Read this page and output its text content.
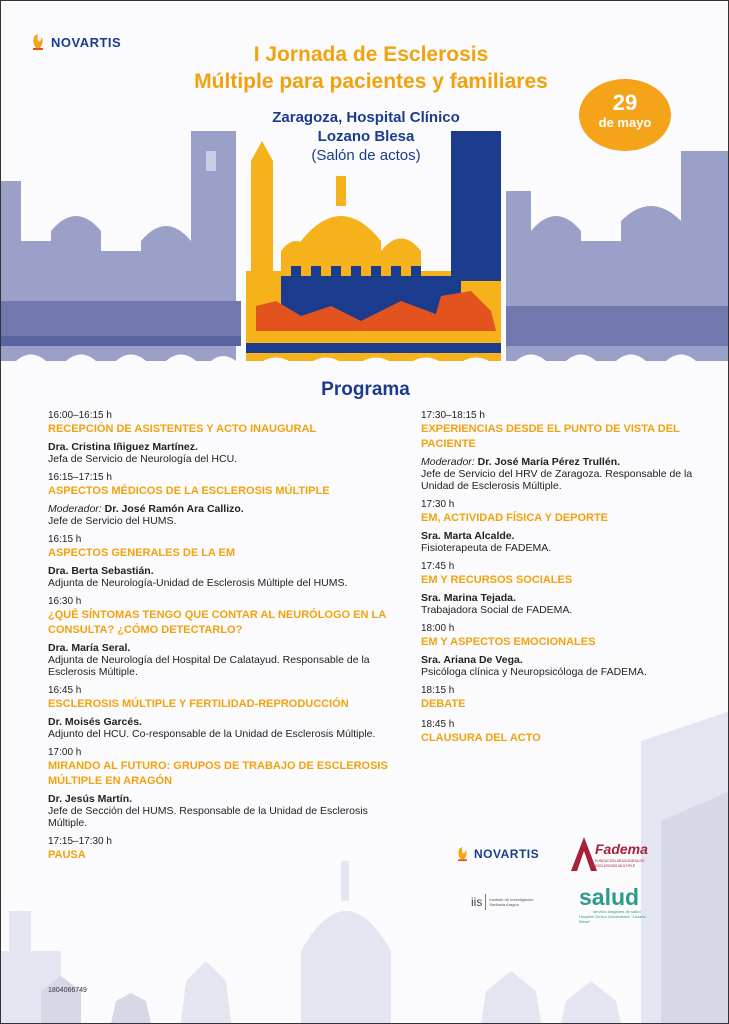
NOVARTIS
I Jornada de Esclerosis
Múltiple para pacientes y familiares
Zaragoza, Hospital Clínico
Lozano Blesa
(Salón de actos)
29
de mayo
Programa
16:00–16:15 h
RECEPCIÓN DE ASISTENTES Y ACTO INAUGURAL
Dra. Cristina Iñiguez Martínez.
Jefa de Servicio de Neurología del HCU.
16:15–17:15 h
ASPECTOS MÉDICOS DE LA ESCLEROSIS MÚLTIPLE
Moderador: Dr. José Ramón Ara Callizo.
Jefe de Servicio del HUMS.
16:15 h
ASPECTOS GENERALES DE LA EM
Dra. Berta Sebastián.
Adjunta de Neurología-Unidad de Esclerosis Múltiple del HUMS.
16:30 h
¿QUÉ SÍNTOMAS TENGO QUE CONTAR AL NEURÓLOGO EN LA CONSULTA? ¿CÓMO DETECTARLO?
Dra. María Seral.
Adjunta de Neurología del Hospital De Calatayud. Responsable de la Esclerosis Múltiple.
16:45 h
ESCLEROSIS MÚLTIPLE Y FERTILIDAD-REPRODUCCIÓN
Dr. Moisés Garcés.
Adjunto del HCU. Co-responsable de la Unidad de Esclerosis Múltiple.
17:00 h
MIRANDO AL FUTURO: GRUPOS DE TRABAJO DE ESCLEROSIS MÚLTIPLE EN ARAGÓN
Dr. Jesús Martín.
Jefe de Sección del HUMS. Responsable de la Unidad de Esclerosis Múltiple.
17:15–17:30 h
PAUSA
17:30–18:15 h
EXPERIENCIAS DESDE EL PUNTO DE VISTA DEL PACIENTE
Moderador: Dr. José María Pérez Trullén.
Jefe de Servicio del HRV de Zaragoza. Responsable de la Unidad de Esclerosis Múltiple.
17:30 h
EM, ACTIVIDAD FÍSICA Y DEPORTE
Sra. Marta Alcalde.
Fisioterapeuta de FADEMA.
17:45 h
EM Y RECURSOS SOCIALES
Sra. Marina Tejada.
Trabajadora Social de FADEMA.
18:00 h
EM Y ASPECTOS EMOCIONALES
Sra. Ariana De Vega.
Psicóloga clínica y Neuropsicóloga de FADEMA.
18:15 h
DEBATE
18:45 h
CLAUSURA DEL ACTO
NOVARTIS	Fadema
FUNDACIÓN ARAGONESA DE ESCLEROSIS MÚLTIPLE
iis Instituto de Investigación Sanitaria Aragón	salud
servicio aragonés de salud
Hospital Clínico Universitario "Lozano Blesa"
1804066749
